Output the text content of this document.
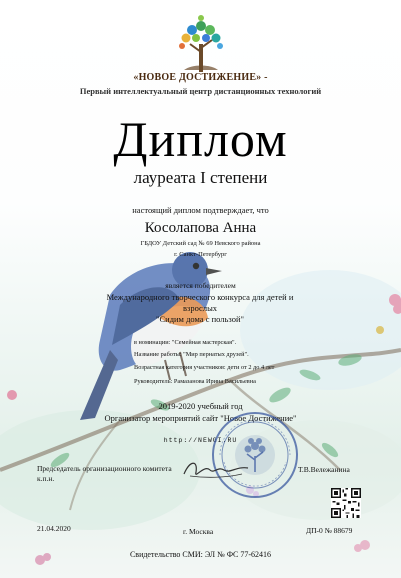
«НОВОЕ ДОСТИЖЕНИЕ» -
Первый интеллектуальный центр дистанционных технологий
Диплом
лауреата I степени
настоящий диплом подтверждает, что
Косолапова Анна
ГБДОУ Детский сад № 69 Невского района
г. Санкт-Петербург
является победителем
Международного творческого конкурса для детей и
взрослых
"Сидим дома с пользой"
в номинации: "Семейная мастерская".
Название работы: "Мир пернатых друзей".
Возрастная категория участников: дети от 2 до 4 лет
Руководитель: Рамазанова Ирина Васильевна
2019-2020 учебный год
Организатор мероприятий сайт "Новое Достижение"
http://NEWGI.RU
Председатель организационного комитета к.п.н.
Т.В.Вележанина
21.04.2020	г. Москва	ДП-0 № 88679
Свидетельство СМИ: ЭЛ № ФС 77-62416
